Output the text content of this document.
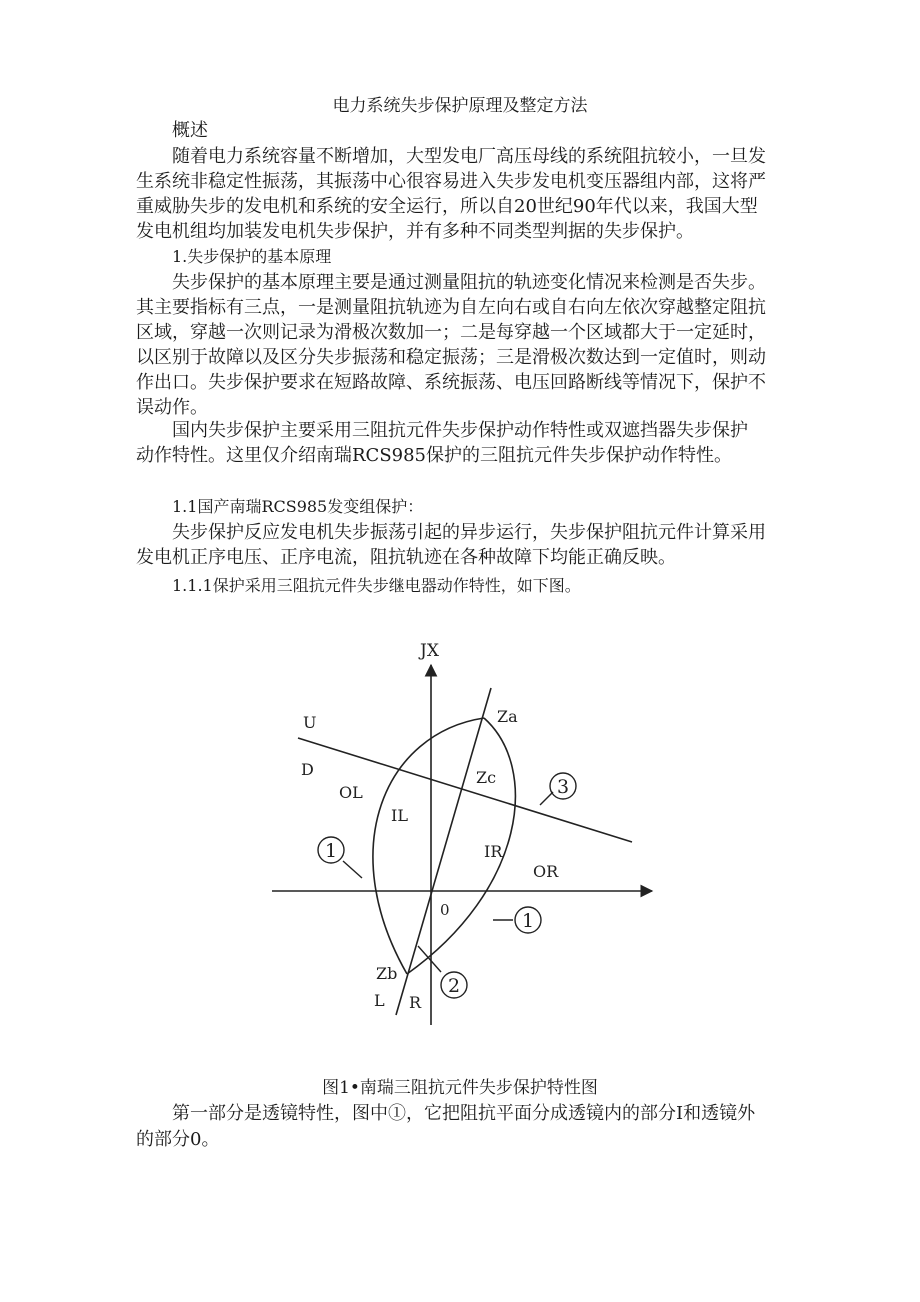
电力系统失步保护原理及整定方法
概述
随着电力系统容量不断增加，大型发电厂高压母线的系统阻抗较小，一旦发
生系统非稳定性振荡，其振荡中心很容易进入失步发电机变压器组内部，这将严
重威胁失步的发电机和系统的安全运行，所以自20世纪90年代以来，我国大型
发电机组均加装发电机失步保护，并有多种不同类型判据的失步保护。
1.失步保护的基本原理
失步保护的基本原理主要是通过测量阻抗的轨迹变化情况来检测是否失步。
其主要指标有三点，一是测量阻抗轨迹为自左向右或自右向左依次穿越整定阻抗
区域，穿越一次则记录为滑极次数加一；二是每穿越一个区域都大于一定延时，
以区别于故障以及区分失步振荡和稳定振荡；三是滑极次数达到一定值时，则动
作出口。失步保护要求在短路故障、系统振荡、电压回路断线等情况下，保护不
误动作。
国内失步保护主要采用三阻抗元件失步保护动作特性或双遮挡器失步保护
动作特性。这里仅介绍南瑞RCS985保护的三阻抗元件失步保护动作特性。
1.1国产南瑞RCS985发变组保护：
失步保护反应发电机失步振荡引起的异步运行，失步保护阻抗元件计算采用
发电机正序电压、正序电流，阻抗轨迹在各种故障下均能正确反映。
1.1.1保护采用三阻抗元件失步继电器动作特性，如下图。
1
1
2
3
JX
Za
Zc
Zb
U
D
OL
IL
IR
OR
0
L R
图1•南瑞三阻抗元件失步保护特性图
第一部分是透镜特性，图中①，它把阻抗平面分成透镜内的部分I和透镜外
的部分0。
